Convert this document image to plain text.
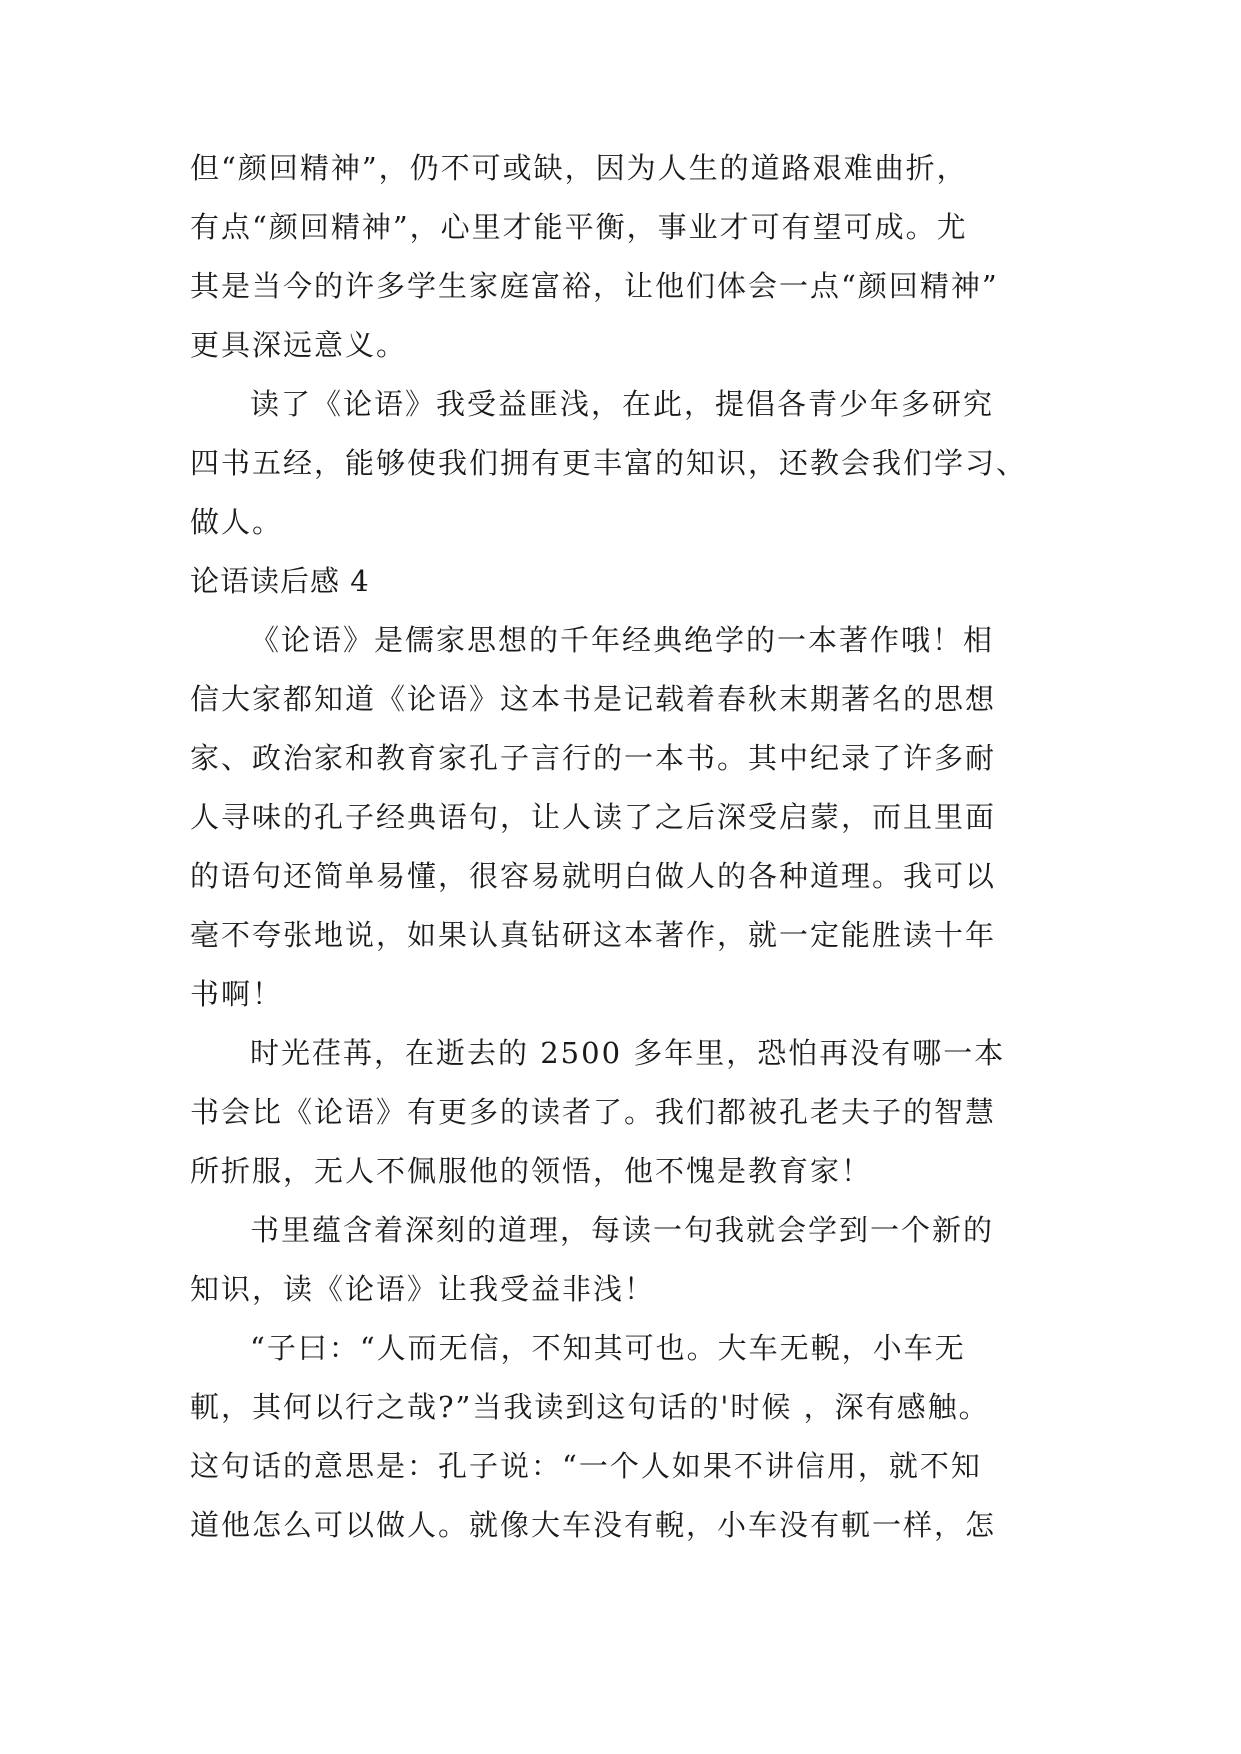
但“颜回精神”，仍不可或缺，因为人生的道路艰难曲折，
有点“颜回精神”，心里才能平衡，事业才可有望可成。尤
其是当今的许多学生家庭富裕，让他们体会一点“颜回精神”
更具深远意义。
读了《论语》我受益匪浅，在此，提倡各青少年多研究
四书五经，能够使我们拥有更丰富的知识，还教会我们学习、
做人。
论语读后感 4
《论语》是儒家思想的千年经典绝学的一本著作哦！相
信大家都知道《论语》这本书是记载着春秋末期著名的思想
家、政治家和教育家孔子言行的一本书。其中纪录了许多耐
人寻味的孔子经典语句，让人读了之后深受启蒙，而且里面
的语句还简单易懂，很容易就明白做人的各种道理。我可以
毫不夸张地说，如果认真钻研这本著作，就一定能胜读十年
书啊！
时光荏苒，在逝去的 2500 多年里，恐怕再没有哪一本
书会比《论语》有更多的读者了。我们都被孔老夫子的智慧
所折服，无人不佩服他的领悟，他不愧是教育家！
书里蕴含着深刻的道理，每读一句我就会学到一个新的
知识，读《论语》让我受益非浅！
“子曰：“人而无信，不知其可也。大车无輗，小车无
軏，其何以行之哉?”当我读到这句话的'时候 ，深有感触。
这句话的意思是：孔子说：“一个人如果不讲信用，就不知
道他怎么可以做人。就像大车没有輗，小车没有軏一样，怎
